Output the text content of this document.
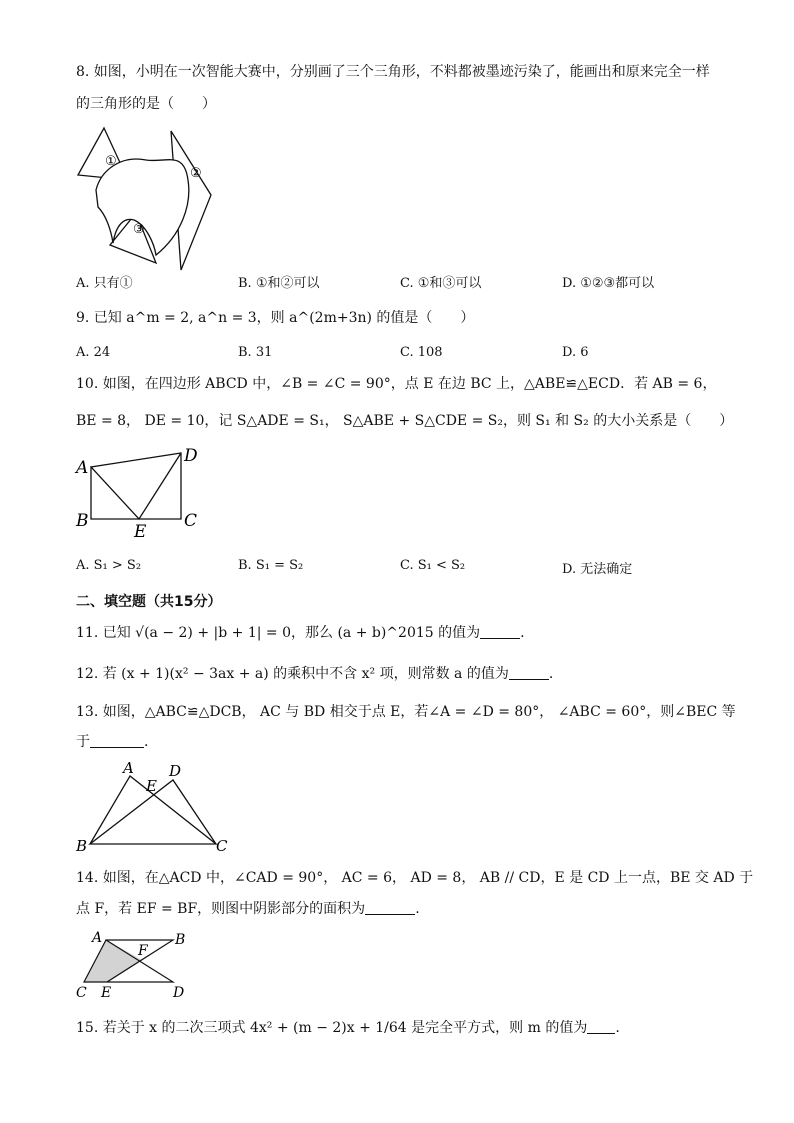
8. 如图，小明在一次智能大赛中，分别画了三个三角形，不料都被墨迹污染了，能画出和原来完全一样
的三角形的是（　　）
①
②
③
A. 只有①	B. ①和②可以	C. ①和③可以	D. ①②③都可以
9. 已知 a^m = 2, a^n = 3，则 a^(2m+3n) 的值是（　　）
A. 24	B. 31	C. 108	D. 6
10. 如图，在四边形 ABCD 中，∠B = ∠C = 90°，点 E 在边 BC 上，△ABE≌△ECD．若 AB = 6，
BE = 8， DE = 10，记 S△ADE = S₁， S△ABE + S△CDE = S₂，则 S₁ 和 S₂ 的大小关系是（　　）
A
D
B
E
C
A. S₁ > S₂	B. S₁ = S₂	C. S₁ < S₂	D. 无法确定
二、填空题（共15分）
11. 已知 √(a − 2) + |b + 1| = 0，那么 (a + b)^2015 的值为	.
12. 若 (x + 1)(x² − 3ax + a) 的乘积中不含 x² 项，则常数 a 的值为	.
13. 如图，△ABC≌△DCB， AC 与 BD 相交于点 E，若∠A = ∠D = 80°， ∠ABC = 60°，则∠BEC 等
于	.
A D
E
B	C
14. 如图，在△ACD 中，∠CAD = 90°， AC = 6， AD = 8， AB // CD，E 是 CD 上一点，BE 交 AD 于
点 F，若 EF = BF，则图中阴影部分的面积为	.
A	B
F
C E	D
15. 若关于 x 的二次三项式 4x² + (m − 2)x + 1/64 是完全平方式，则 m 的值为 .
